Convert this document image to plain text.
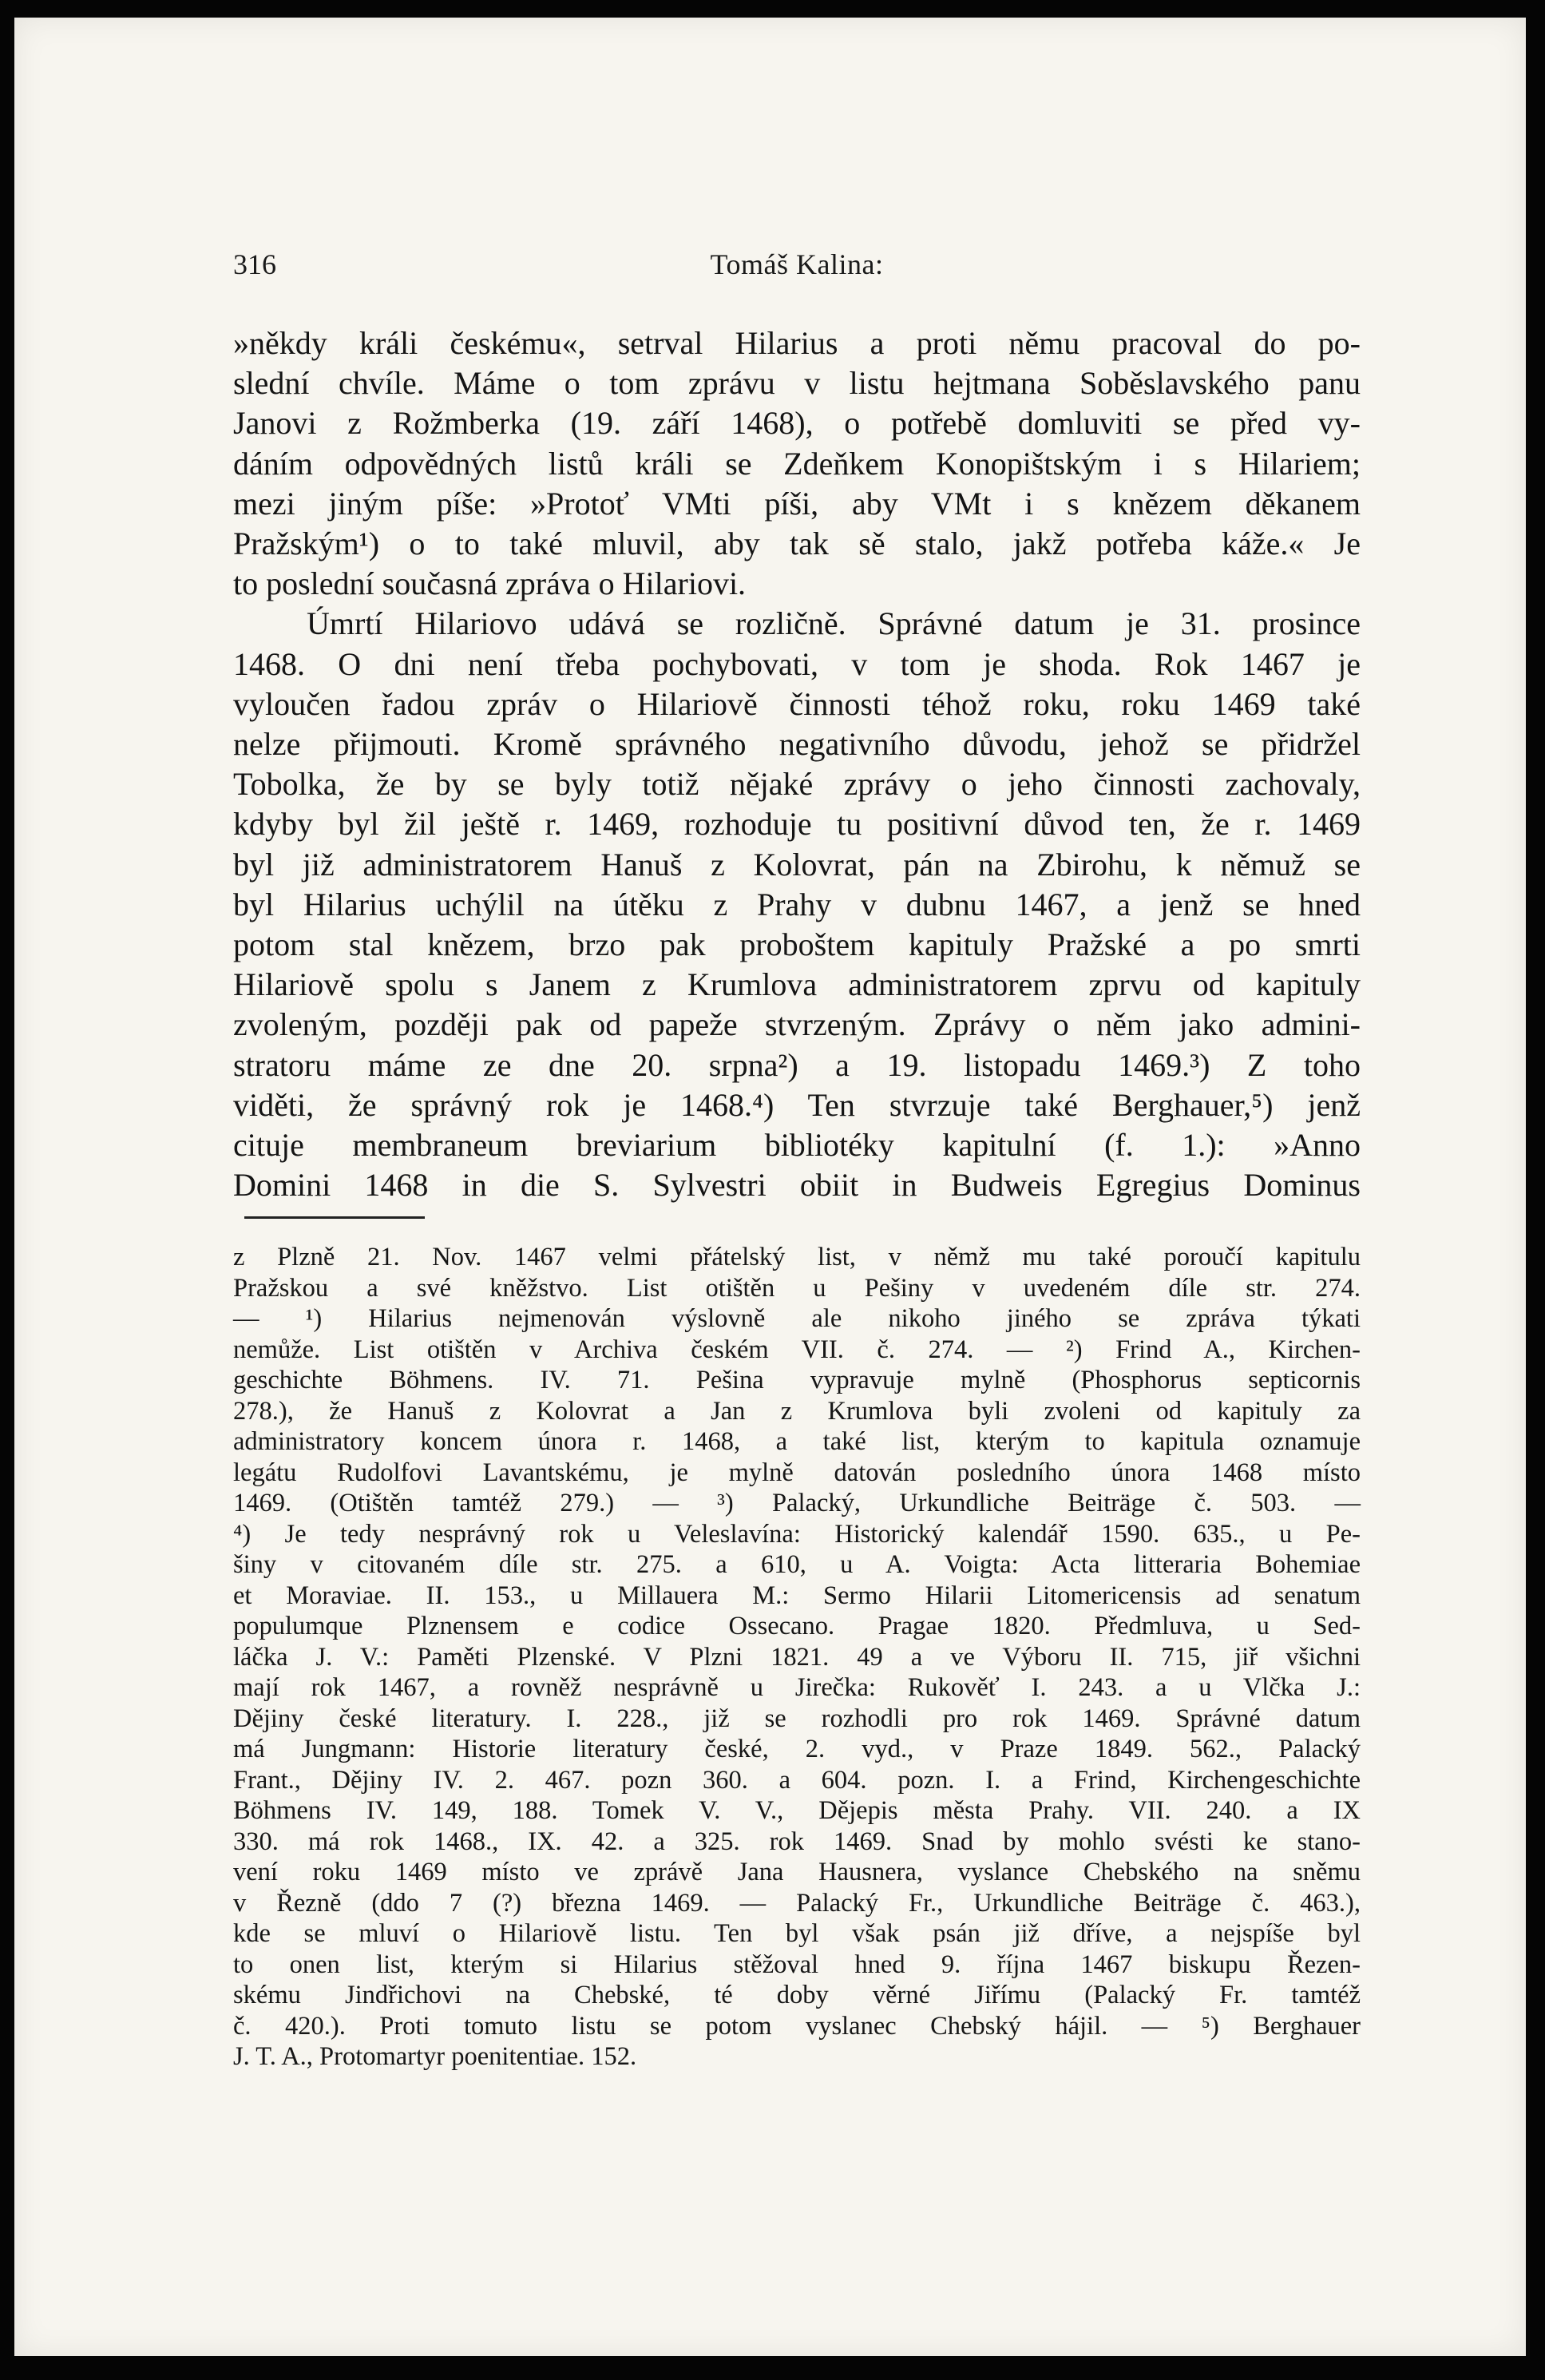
316	Tomáš Kalina:
»někdy králi českému«, setrval Hilarius a proti němu pracoval do po-
slední chvíle. Máme o tom zprávu v listu hejtmana Soběslavského panu
Janovi z Rožmberka (19. září 1468), o potřebě domluviti se před vy-
dáním odpovědných listů králi se Zdeňkem Konopištským i s Hilariem;
mezi jiným píše: »Protoť VMti píši, aby VMt i s knězem děkanem
Pražským¹) o to také mluvil, aby tak sě stalo, jakž potřeba káže.« Je
to poslední současná zpráva o Hilariovi.
Úmrtí Hilariovo udává se rozličně. Správné datum je 31. prosince
1468. O dni není třeba pochybovati, v tom je shoda. Rok 1467 je
vyloučen řadou zpráv o Hilariově činnosti téhož roku, roku 1469 také
nelze přijmouti. Kromě správného negativního důvodu, jehož se přidržel
Tobolka, že by se byly totiž nějaké zprávy o jeho činnosti zachovaly,
kdyby byl žil ještě r. 1469, rozhoduje tu positivní důvod ten, že r. 1469
byl již administratorem Hanuš z Kolovrat, pán na Zbirohu, k němuž se
byl Hilarius uchýlil na útěku z Prahy v dubnu 1467, a jenž se hned
potom stal knězem, brzo pak proboštem kapituly Pražské a po smrti
Hilariově spolu s Janem z Krumlova administratorem zprvu od kapituly
zvoleným, později pak od papeže stvrzeným. Zprávy o něm jako admini-
stratoru máme ze dne 20. srpna²) a 19. listopadu 1469.³) Z toho
viděti, že správný rok je 1468.⁴) Ten stvrzuje také Berghauer,⁵) jenž
cituje membraneum breviarium bibliotéky kapitulní (f. 1.): »Anno
Domini 1468 in die S. Sylvestri obiit in Budweis Egregius Dominus
z Plzně 21. Nov. 1467 velmi přátelský list, v němž mu také poroučí kapitulu
Pražskou a své kněžstvo. List otištěn u Pešiny v uvedeném díle str. 274.
— ¹) Hilarius nejmenován výslovně ale nikoho jiného se zpráva týkati
nemůže. List otištěn v Archiva českém VII. č. 274. — ²) Frind A., Kirchen-
geschichte Böhmens. IV. 71. Pešina vypravuje mylně (Phosphorus septicornis
278.), že Hanuš z Kolovrat a Jan z Krumlova byli zvoleni od kapituly za
administratory koncem února r. 1468, a také list, kterým to kapitula oznamuje
legátu Rudolfovi Lavantskému, je mylně datován posledního února 1468 místo
1469. (Otištěn tamtéž 279.) — ³) Palacký, Urkundliche Beiträge č. 503. —
⁴) Je tedy nesprávný rok u Veleslavína: Historický kalendář 1590. 635., u Pe-
šiny v citovaném díle str. 275. a 610, u A. Voigta: Acta litteraria Bohemiae
et Moraviae. II. 153., u Millauera M.: Sermo Hilarii Litomericensis ad senatum
populumque Plznensem e codice Ossecano. Pragae 1820. Předmluva, u Sed-
láčka J. V.: Paměti Plzenské. V Plzni 1821. 49 a ve Výboru II. 715, jiř všichni
mají rok 1467, a rovněž nesprávně u Jirečka: Rukověť I. 243. a u Vlčka J.:
Dějiny české literatury. I. 228., již se rozhodli pro rok 1469. Správné datum
má Jungmann: Historie literatury české, 2. vyd., v Praze 1849. 562., Palacký
Frant., Dějiny IV. 2. 467. pozn 360. a 604. pozn. I. a Frind, Kirchengeschichte
Böhmens IV. 149, 188. Tomek V. V., Dějepis města Prahy. VII. 240. a IX
330. má rok 1468., IX. 42. a 325. rok 1469. Snad by mohlo svésti ke stano-
vení roku 1469 místo ve zprávě Jana Hausnera, vyslance Chebského na sněmu
v Řezně (ddo 7 (?) března 1469. — Palacký Fr., Urkundliche Beiträge č. 463.),
kde se mluví o Hilariově listu. Ten byl však psán již dříve, a nejspíše byl
to onen list, kterým si Hilarius stěžoval hned 9. října 1467 biskupu Řezen-
skému Jindřichovi na Chebské, té doby věrné Jiřímu (Palacký Fr. tamtéž
č. 420.). Proti tomuto listu se potom vyslanec Chebský hájil. — ⁵) Berghauer
J. T. A., Protomartyr poenitentiae. 152.
